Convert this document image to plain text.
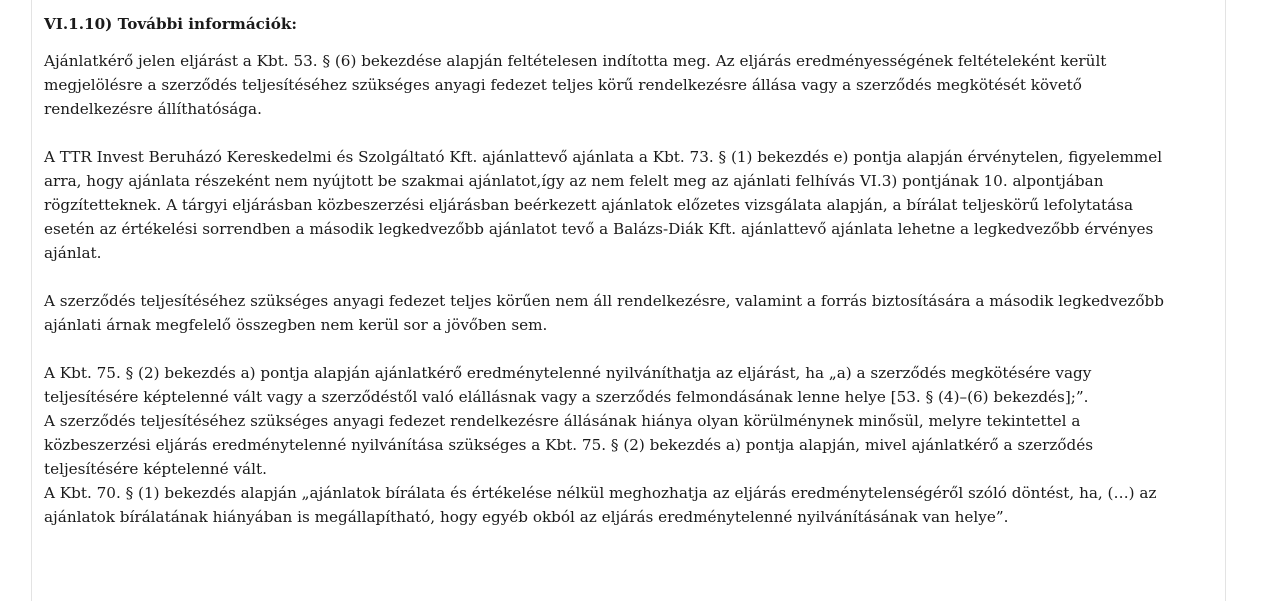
VI.1.10) További információk:

Ajánlatkérő jelen eljárást a Kbt. 53. § (6) bekezdése alapján feltételesen indította meg. Az eljárás eredményességének feltételeként került megjelölésre a szerződés teljesítéséhez szükséges anyagi fedezet teljes körű rendelkezésre állása vagy a szerződés megkötését követő rendelkezésre állíthatósága.

A TTR Invest Beruházó Kereskedelmi és Szolgáltató Kft. ajánlattevő ajánlata a Kbt. 73. § (1) bekezdés e) pontja alapján érvénytelen, figyelemmel arra, hogy ajánlata részeként nem nyújtott be szakmai ajánlatot,így az nem felelt meg az ajánlati felhívás VI.3) pontjának 10. alpontjában rögzítetteknek. A tárgyi eljárásban közbeszerzési eljárásban beérkezett ajánlatok előzetes vizsgálata alapján, a bírálat teljeskörű lefolytatása esetén az értékelési sorrendben a második legkedvezőbb ajánlatot tevő a Balázs-Diák Kft. ajánlattevő ajánlata lehetne a legkedvezőbb érvényes ajánlat.

A szerződés teljesítéséhez szükséges anyagi fedezet teljes körűen nem áll rendelkezésre, valamint a forrás biztosítására a második legkedvezőbb ajánlati árnak megfelelő összegben nem kerül sor a jövőben sem.

A Kbt. 75. § (2) bekezdés a) pontja alapján ajánlatkérő eredménytelenné nyilváníthatja az eljárást, ha „a) a szerződés megkötésére vagy teljesítésére képtelenné vált vagy a szerződéstől való elállásnak vagy a szerződés felmondásának lenne helye [53. § (4)–(6) bekezdés];”.

A szerződés teljesítéséhez szükséges anyagi fedezet rendelkezésre állásának hiánya olyan körülménynek minősül, melyre tekintettel a közbeszerzési eljárás eredménytelenné nyilvánítása szükséges a Kbt. 75. § (2) bekezdés a) pontja alapján, mivel ajánlatkérő a szerződés teljesítésére képtelenné vált.

A Kbt. 70. § (1) bekezdés alapján „ajánlatok bírálata és értékelése nélkül meghozhatja az eljárás eredménytelenségéről szóló döntést, ha, (…) az ajánlatok bírálatának hiányában is megállapítható, hogy egyéb okból az eljárás eredménytelenné nyilvánításának van helye”.
